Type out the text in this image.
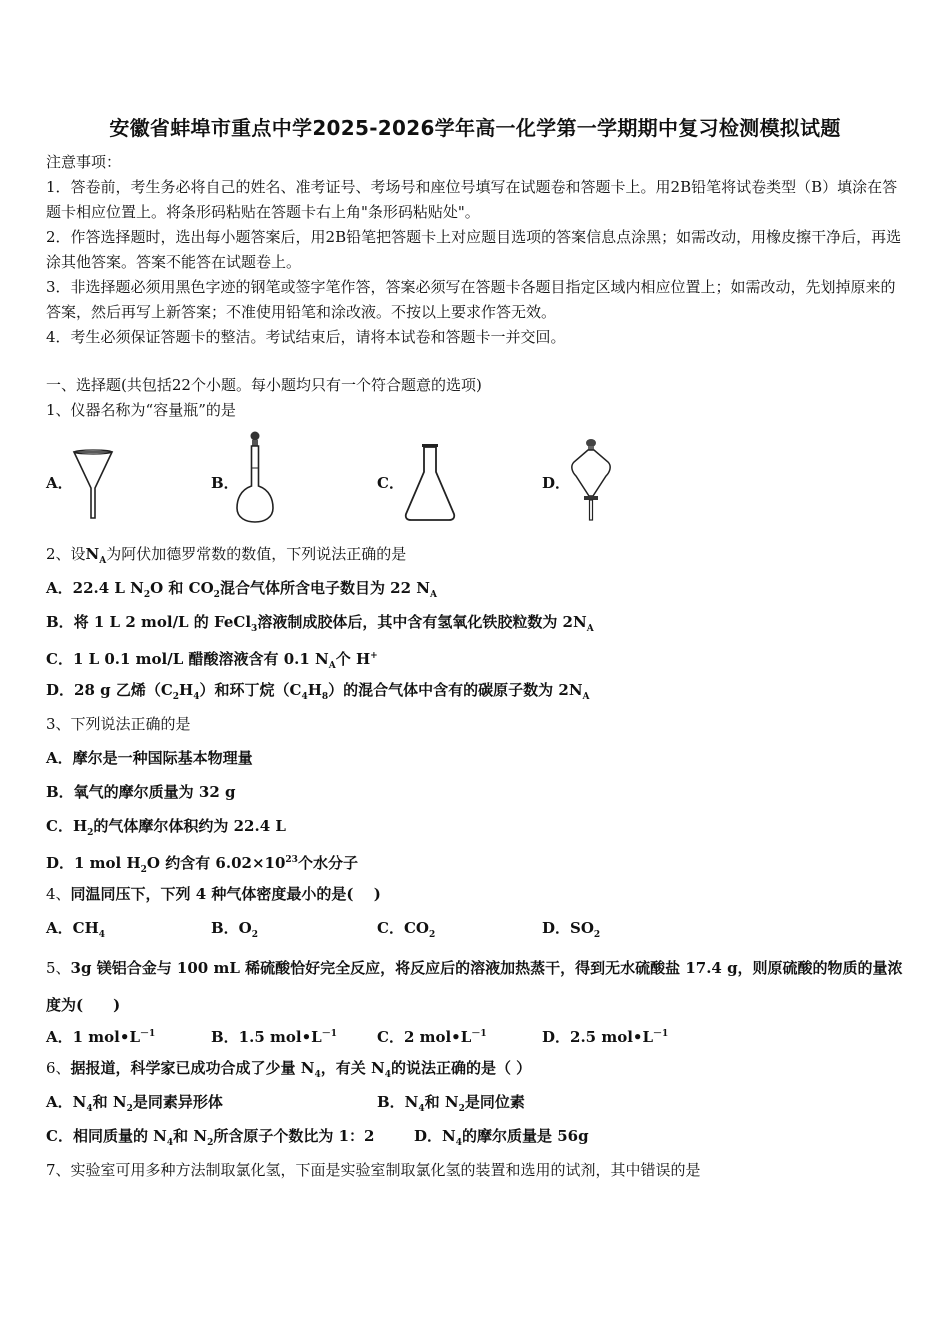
安徽省蚌埠市重点中学2025-2026学年高一化学第一学期期中复习检测模拟试题

注意事项：

1．答卷前，考生务必将自己的姓名、准考证号、考场号和座位号填写在试题卷和答题卡上。用2B铅笔将试卷类型（B）填涂在答题卡相应位置上。将条形码粘贴在答题卡右上角"条形码粘贴处"。

2．作答选择题时，选出每小题答案后，用2B铅笔把答题卡上对应题目选项的答案信息点涂黑；如需改动，用橡皮擦干净后，再选涂其他答案。答案不能答在试题卷上。

3．非选择题必须用黑色字迹的钢笔或签字笔作答，答案必须写在答题卡各题目指定区域内相应位置上；如需改动，先划掉原来的答案，然后再写上新答案；不准使用铅笔和涂改液。不按以上要求作答无效。

4．考生必须保证答题卡的整洁。考试结束后，请将本试卷和答题卡一并交回。

一、选择题(共包括22个小题。每小题均只有一个符合题意的选项)
1、仪器名称为“容量瓶”的是
A．	B．	C．	D．
2、设$N_A$为阿伏加德罗常数的数值，下列说法正确的是
A．22.4 L $N_2O$ 和 $CO_2$混合气体所含电子数目为 22 $N_A$
B．将 1 L 2 mol/L 的 FeCl$_3$溶液制成胶体后，其中含有氢氧化铁胶粒数为 $2N_A$
C．1 L 0.1 mol/L 醋酸溶液含有 0.1 $N_A$个 H+
D．28 g 乙烯$(C_2H_4)$和环丁烷$(C_4H_8)$的混合气体中含有的碳原子数为 $2N_A$
3、下列说法正确的是
A．摩尔是一种国际基本物理量
B．氧气的摩尔质量为 32 g
C．$H_2$的气体摩尔体积约为 22.4 L
D．1 mol $H_2O$ 约含有 $6.02\times 10^{23}$个水分子
4、同温同压下，下列 4 种气体密度最小的是(　 )
A．$CH_4$	B．$O_2$	C．$CO_2$	D．$SO_2$
5、3g 镁铝合金与 100 mL 稀硫酸恰好完全反应，将反应后的溶液加热蒸干，得到无水硫酸盐 17.4 g，则原硫酸的物质的量浓度为(　　)
A．1 $mol•L^{-1}$	B．1.5 $mol•L^{-1}$	C．2 $mol•L^{-1}$	D．2.5 $mol•L^{-1}$
6、据报道，科学家已成功合成了少量 $N_4$，有关 $N_4$的说法正确的是（ ）
A．$N_4$和 $N_2$是同素异形体	B．$N_4$和 $N_2$是同位素
C．相同质量的 $N_4$和 $N_2$所含原子个数比为 1：2	D．$N_4$的摩尔质量是 56g
7、实验室可用多种方法制取氯化氢，下面是实验室制取氯化氢的装置和选用的试剂，其中错误的是
